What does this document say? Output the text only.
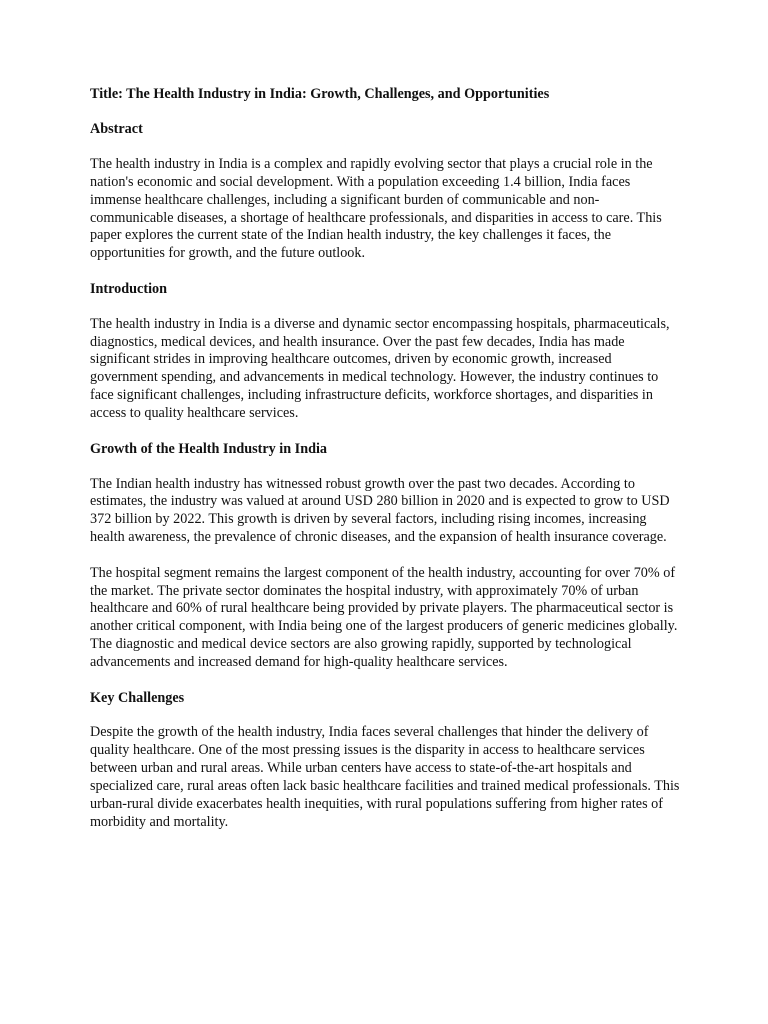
Title: The Health Industry in India: Growth, Challenges, and Opportunities
Abstract

The health industry in India is a complex and rapidly evolving sector that plays a crucial role in the nation's economic and social development. With a population exceeding 1.4 billion, India faces immense healthcare challenges, including a significant burden of communicable and non-communicable diseases, a shortage of healthcare professionals, and disparities in access to care. This paper explores the current state of the Indian health industry, the key challenges it faces, the opportunities for growth, and the future outlook.

Introduction

The health industry in India is a diverse and dynamic sector encompassing hospitals, pharmaceuticals, diagnostics, medical devices, and health insurance. Over the past few decades, India has made significant strides in improving healthcare outcomes, driven by economic growth, increased government spending, and advancements in medical technology. However, the industry continues to face significant challenges, including infrastructure deficits, workforce shortages, and disparities in access to quality healthcare services.

Growth of the Health Industry in India

The Indian health industry has witnessed robust growth over the past two decades. According to estimates, the industry was valued at around USD 280 billion in 2020 and is expected to grow to USD 372 billion by 2022. This growth is driven by several factors, including rising incomes, increasing health awareness, the prevalence of chronic diseases, and the expansion of health insurance coverage.

The hospital segment remains the largest component of the health industry, accounting for over 70% of the market. The private sector dominates the hospital industry, with approximately 70% of urban healthcare and 60% of rural healthcare being provided by private players. The pharmaceutical sector is another critical component, with India being one of the largest producers of generic medicines globally. The diagnostic and medical device sectors are also growing rapidly, supported by technological advancements and increased demand for high-quality healthcare services.

Key Challenges

Despite the growth of the health industry, India faces several challenges that hinder the delivery of quality healthcare. One of the most pressing issues is the disparity in access to healthcare services between urban and rural areas. While urban centers have access to state-of-the-art hospitals and specialized care, rural areas often lack basic healthcare facilities and trained medical professionals. This urban-rural divide exacerbates health inequities, with rural populations suffering from higher rates of morbidity and mortality.
